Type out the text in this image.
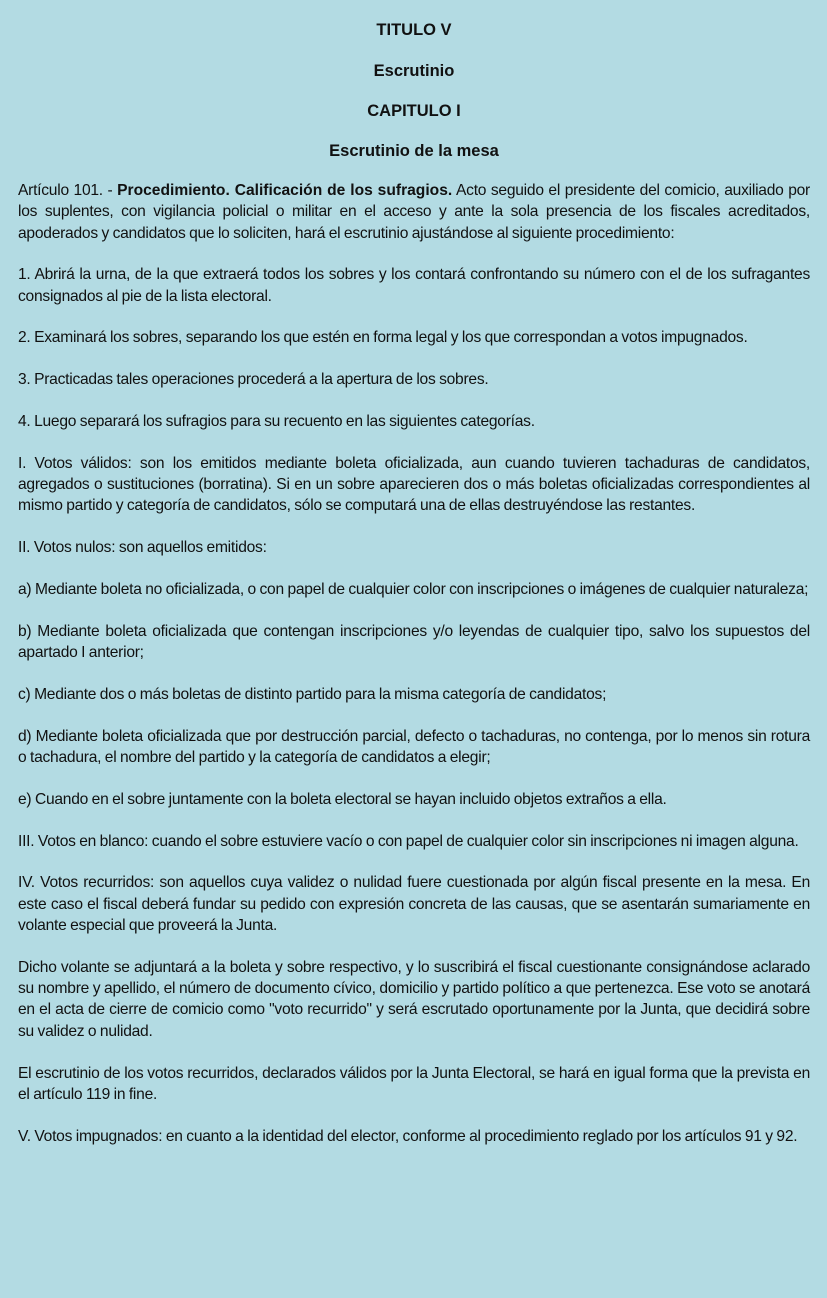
TITULO V
Escrutinio
CAPITULO I
Escrutinio de la mesa

Artículo 101. - Procedimiento. Calificación de los sufragios. Acto seguido el presidente del comicio, auxiliado por los suplentes, con vigilancia policial o militar en el acceso y ante la sola presencia de los fiscales acreditados, apoderados y candidatos que lo soliciten, hará el escrutinio ajustándose al siguiente procedimiento:

1. Abrirá la urna, de la que extraerá todos los sobres y los contará confrontando su número con el de los sufragantes consignados al pie de la lista electoral.

2. Examinará los sobres, separando los que estén en forma legal y los que correspondan a votos impugnados.

3. Practicadas tales operaciones procederá a la apertura de los sobres.

4. Luego separará los sufragios para su recuento en las siguientes categorías.

I. Votos válidos: son los emitidos mediante boleta oficializada, aun cuando tuvieren tachaduras de candidatos, agregados o sustituciones (borratina). Si en un sobre aparecieren dos o más boletas oficializadas correspondientes al mismo partido y categoría de candidatos, sólo se computará una de ellas destruyéndose las restantes.

II. Votos nulos: son aquellos emitidos:

a) Mediante boleta no oficializada, o con papel de cualquier color con inscripciones o imágenes de cualquier naturaleza;

b) Mediante boleta oficializada que contengan inscripciones y/o leyendas de cualquier tipo, salvo los supuestos del apartado I anterior;

c) Mediante dos o más boletas de distinto partido para la misma categoría de candidatos;

d) Mediante boleta oficializada que por destrucción parcial, defecto o tachaduras, no contenga, por lo menos sin rotura o tachadura, el nombre del partido y la categoría de candidatos a elegir;

e) Cuando en el sobre juntamente con la boleta electoral se hayan incluido objetos extraños a ella.

III. Votos en blanco: cuando el sobre estuviere vacío o con papel de cualquier color sin inscripciones ni imagen alguna.

IV. Votos recurridos: son aquellos cuya validez o nulidad fuere cuestionada por algún fiscal presente en la mesa. En este caso el fiscal deberá fundar su pedido con expresión concreta de las causas, que se asentarán sumariamente en volante especial que proveerá la Junta.

Dicho volante se adjuntará a la boleta y sobre respectivo, y lo suscribirá el fiscal cuestionante consignándose aclarado su nombre y apellido, el número de documento cívico, domicilio y partido político a que pertenezca. Ese voto se anotará en el acta de cierre de comicio como "voto recurrido" y será escrutado oportunamente por la Junta, que decidirá sobre su validez o nulidad.

El escrutinio de los votos recurridos, declarados válidos por la Junta Electoral, se hará en igual forma que la prevista en el artículo 119 in fine.

V. Votos impugnados: en cuanto a la identidad del elector, conforme al procedimiento reglado por los artículos 91 y 92.
